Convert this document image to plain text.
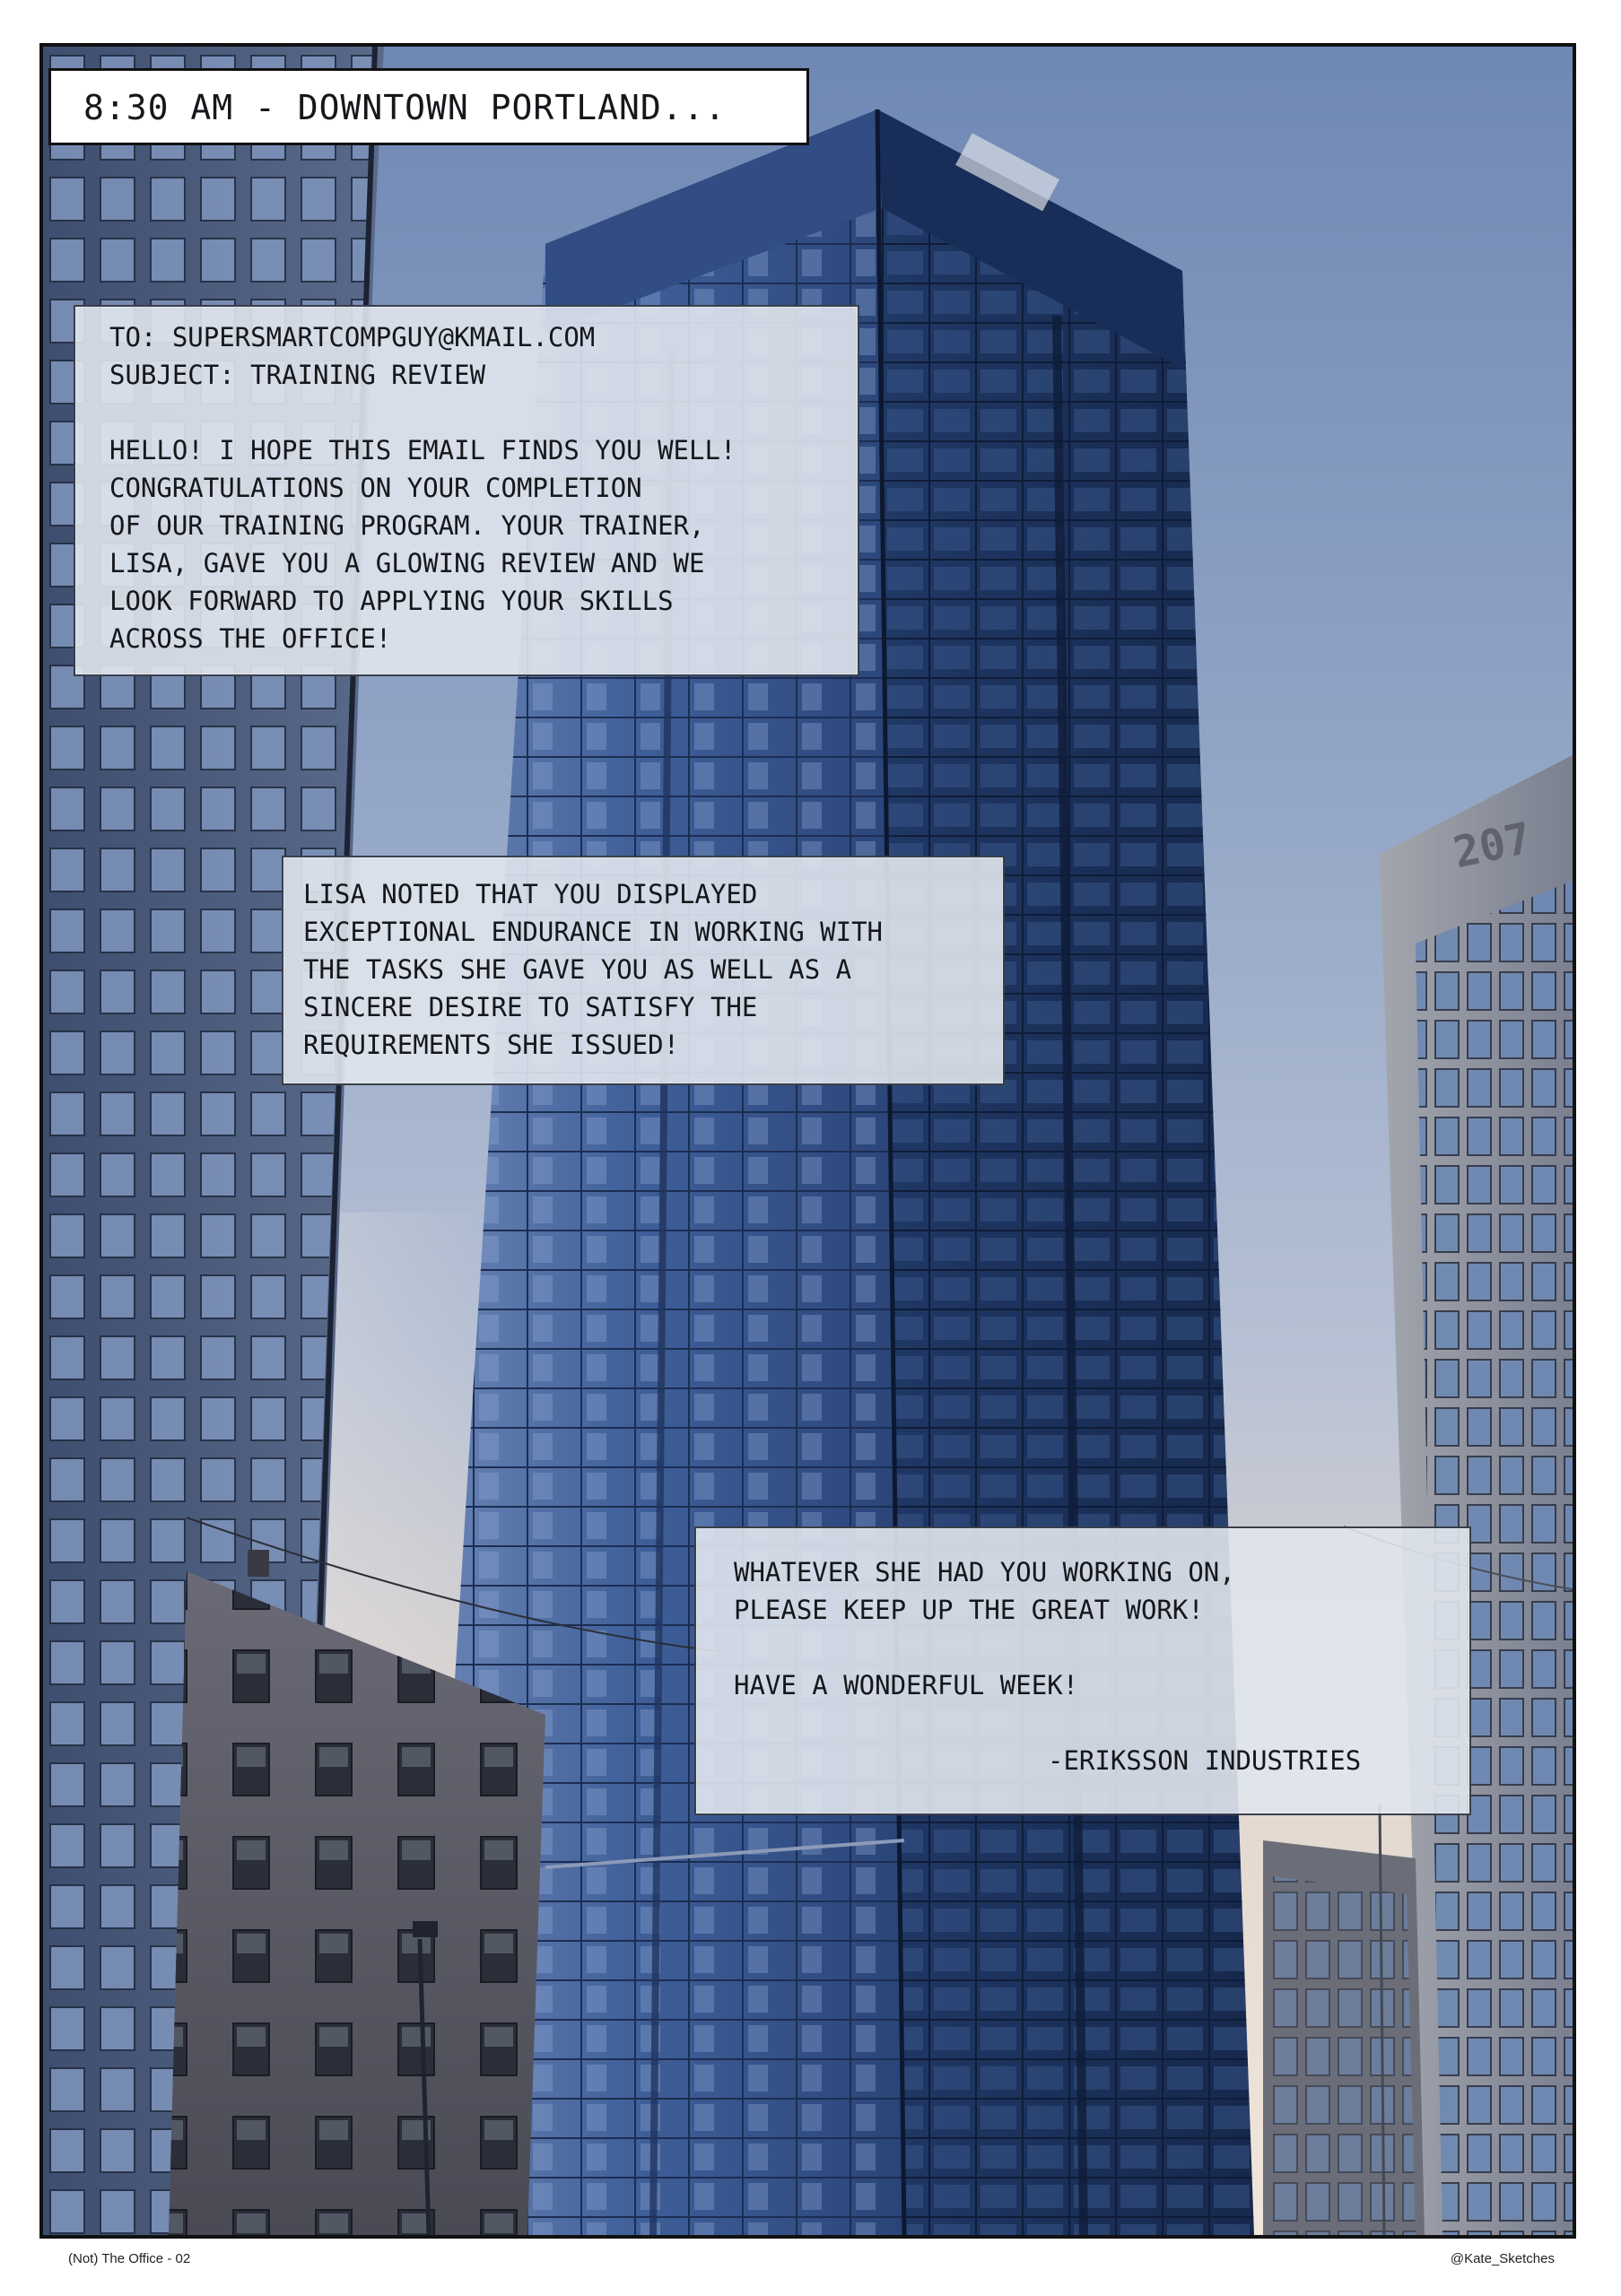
207
8:30 AM - DOWNTOWN PORTLAND...
TO: SUPERSMARTCOMPGUY@KMAIL.COM
SUBJECT: TRAINING REVIEW
HELLO! I HOPE THIS EMAIL FINDS YOU WELL!
CONGRATULATIONS ON YOUR COMPLETION
OF OUR TRAINING PROGRAM. YOUR TRAINER,
LISA, GAVE YOU A GLOWING REVIEW AND WE
LOOK FORWARD TO APPLYING YOUR SKILLS
ACROSS THE OFFICE!
LISA NOTED THAT YOU DISPLAYED
EXCEPTIONAL ENDURANCE IN WORKING WITH
THE TASKS SHE GAVE YOU AS WELL AS A
SINCERE DESIRE TO SATISFY THE
REQUIREMENTS SHE ISSUED!
WHATEVER SHE HAD YOU WORKING ON,
PLEASE KEEP UP THE GREAT WORK!
HAVE A WONDERFUL WEEK!
-ERIKSSON INDUSTRIES
(Not) The Office - 02	@Kate_Sketches
